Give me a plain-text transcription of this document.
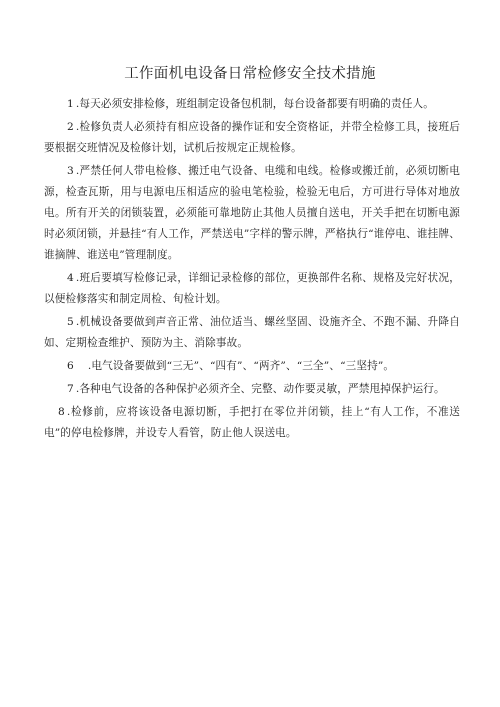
工作面机电设备日常检修安全技术措施

1 .每天必须安排检修，班组制定设备包机制，每台设备都要有明确的责任人。

2 .检修负责人必须持有相应设备的操作证和安全资格证，并带全检修工具，接班后要根据交班情况及检修计划，试机后按规定正规检修。

3 .严禁任何人带电检修、搬迁电气设备、电缆和电线。检修或搬迁前，必须切断电源，检查瓦斯，用与电源电压相适应的验电笔检验，检验无电后，方可进行导体对地放电。所有开关的闭锁装置，必须能可靠地防止其他人员擅自送电，开关手把在切断电源时必须闭锁，并悬挂“有人工作，严禁送电”字样的警示牌，严格执行“谁停电、谁挂牌、谁摘牌、谁送电”管理制度。

4 .班后要填写检修记录，详细记录检修的部位，更换部件名称、规格及完好状况，以便检修落实和制定周检、旬检计划。

5 .机械设备要做到声音正常、油位适当、螺丝坚固、设施齐全、不跑不漏、升降自如、定期检查维护、预防为主、消除事故。

6 .电气设备要做到“三无”、“四有”、“两齐”、“三全”、“三坚持”。

7 .各种电气设备的各种保护必须齐全、完整、动作要灵敏，严禁甩掉保护运行。

8 .检修前，应将该设备电源切断，手把打在零位并闭锁，挂上“有人工作，不准送电”的停电检修牌，并设专人看管，防止他人误送电。
